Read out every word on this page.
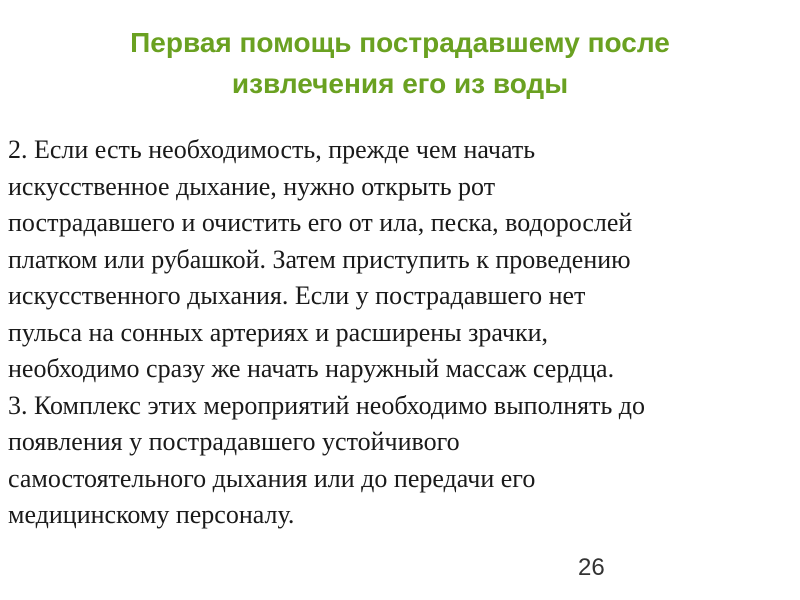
Первая помощь пострадавшему после
извлечения его из воды
2. Если есть необходимость, прежде чем начать
искусственное дыхание, нужно открыть рот
пострадавшего и очистить его от ила, песка, водорослей
платком или рубашкой. Затем приступить к проведению
искусственного дыхания. Если у пострадавшего нет
пульса на сонных артериях и расширены зрачки,
необходимо сразу же начать наружный массаж сердца.
3. Комплекс этих мероприятий необходимо выполнять до
появления у пострадавшего устойчивого
самостоятельного дыхания или до передачи его
медицинскому персоналу.
26
